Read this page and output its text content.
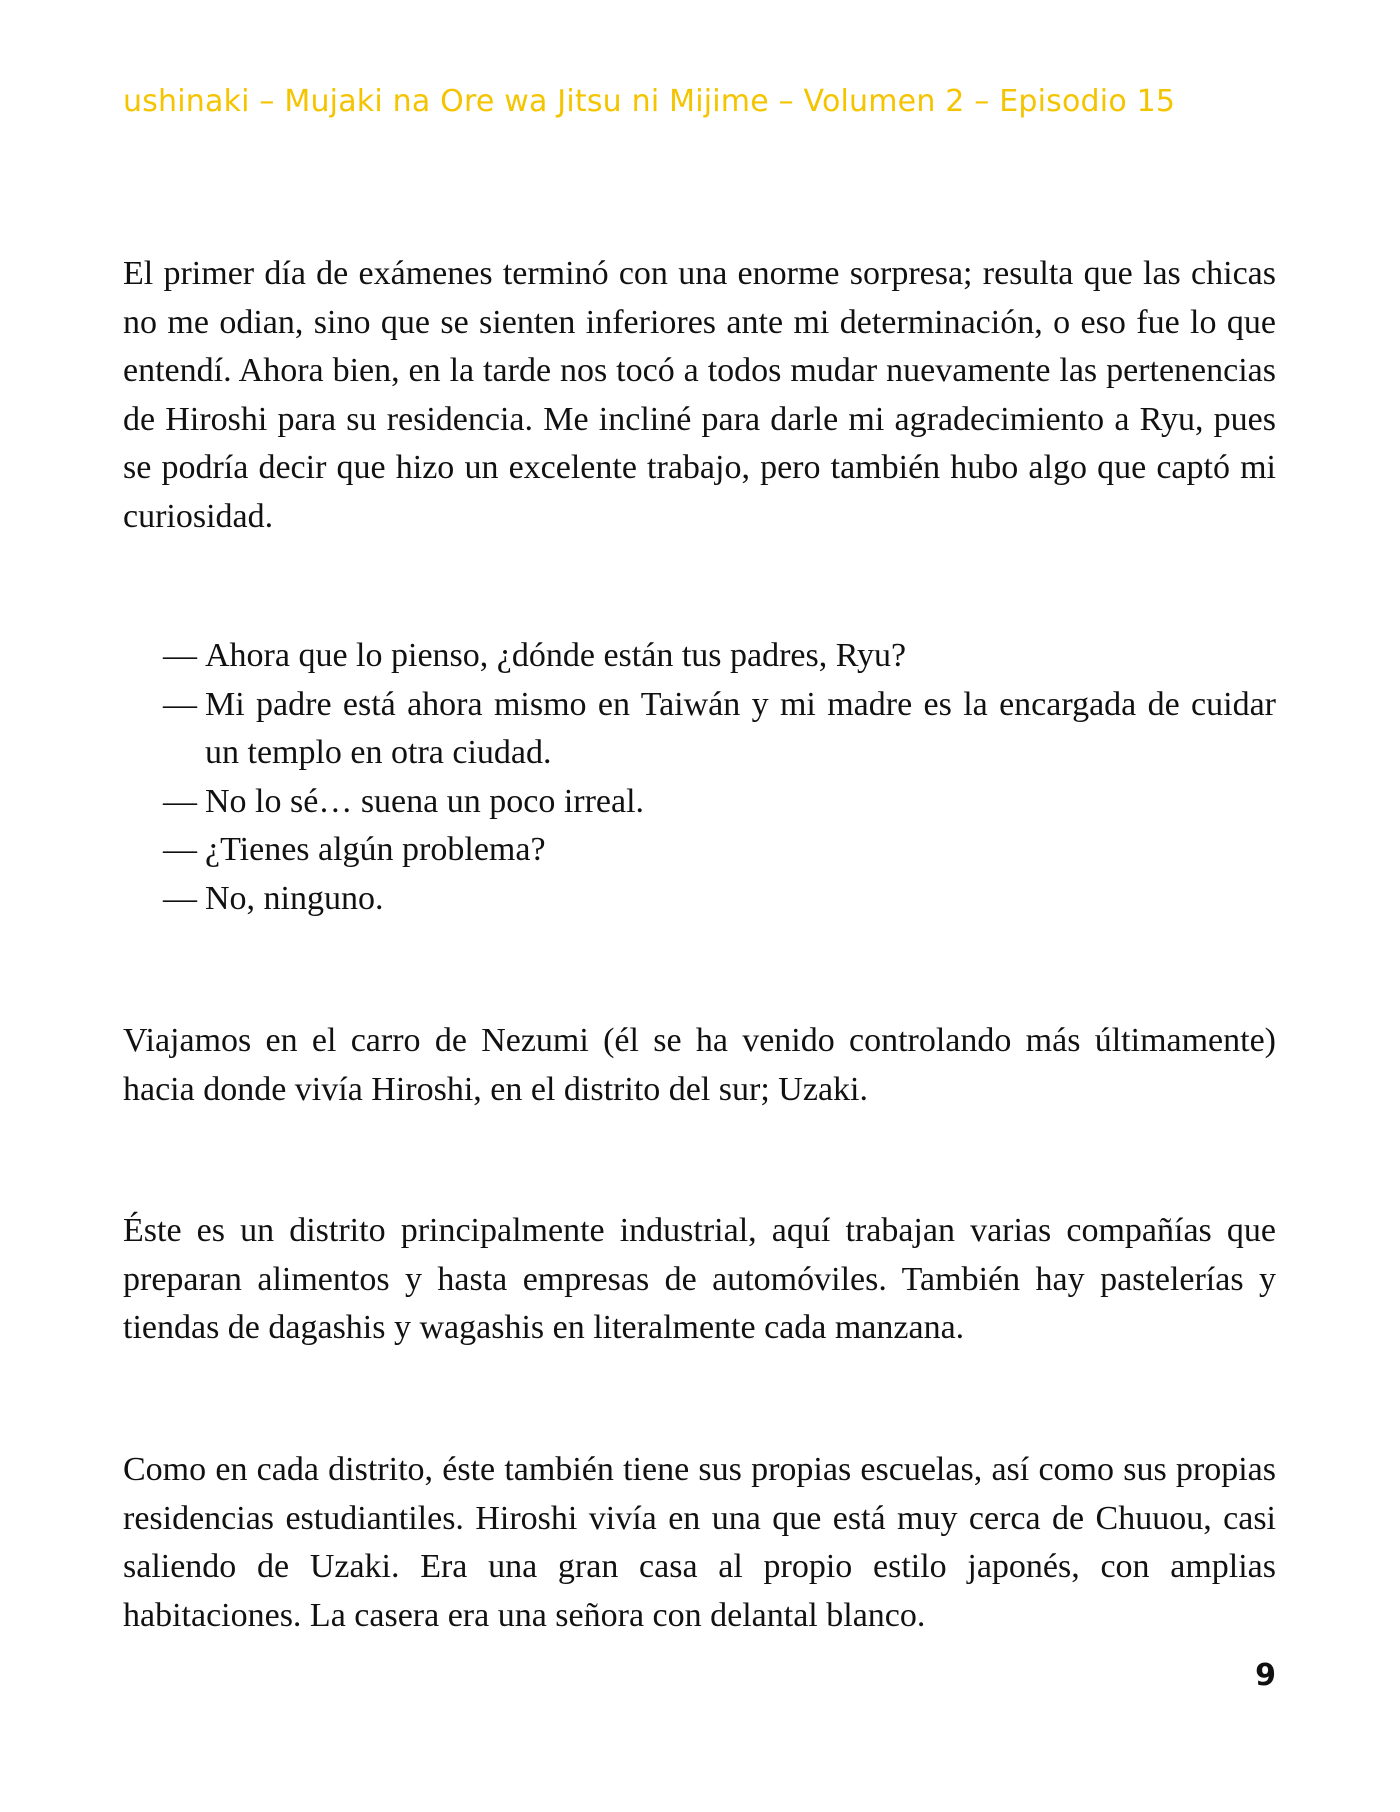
ushinaki – Mujaki na Ore wa Jitsu ni Mijime – Volumen 2 – Episodio 15

El primer día de exámenes terminó con una enorme sorpresa; resulta que las chicas no me odian, sino que se sienten inferiores ante mi determinación, o eso fue lo que entendí. Ahora bien, en la tarde nos tocó a todos mudar nuevamente las pertenencias de Hiroshi para su residencia. Me incliné para darle mi agradecimiento a Ryu, pues se podría decir que hizo un excelente trabajo, pero también hubo algo que captó mi curiosidad.

— Ahora que lo pienso, ¿dónde están tus padres, Ryu?
— Mi padre está ahora mismo en Taiwán y mi madre es la encargada de cuidar un templo en otra ciudad.
— No lo sé… suena un poco irreal.
— ¿Tienes algún problema?
— No, ninguno.

Viajamos en el carro de Nezumi (él se ha venido controlando más últimamente) hacia donde vivía Hiroshi, en el distrito del sur; Uzaki.

Éste es un distrito principalmente industrial, aquí trabajan varias compañías que preparan alimentos y hasta empresas de automóviles. También hay pastelerías y tiendas de dagashis y wagashis en literalmente cada manzana.

Como en cada distrito, éste también tiene sus propias escuelas, así como sus propias residencias estudiantiles. Hiroshi vivía en una que está muy cerca de Chuuou, casi saliendo de Uzaki. Era una gran casa al propio estilo japonés, con amplias habitaciones. La casera era una señora con delantal blanco.

9
